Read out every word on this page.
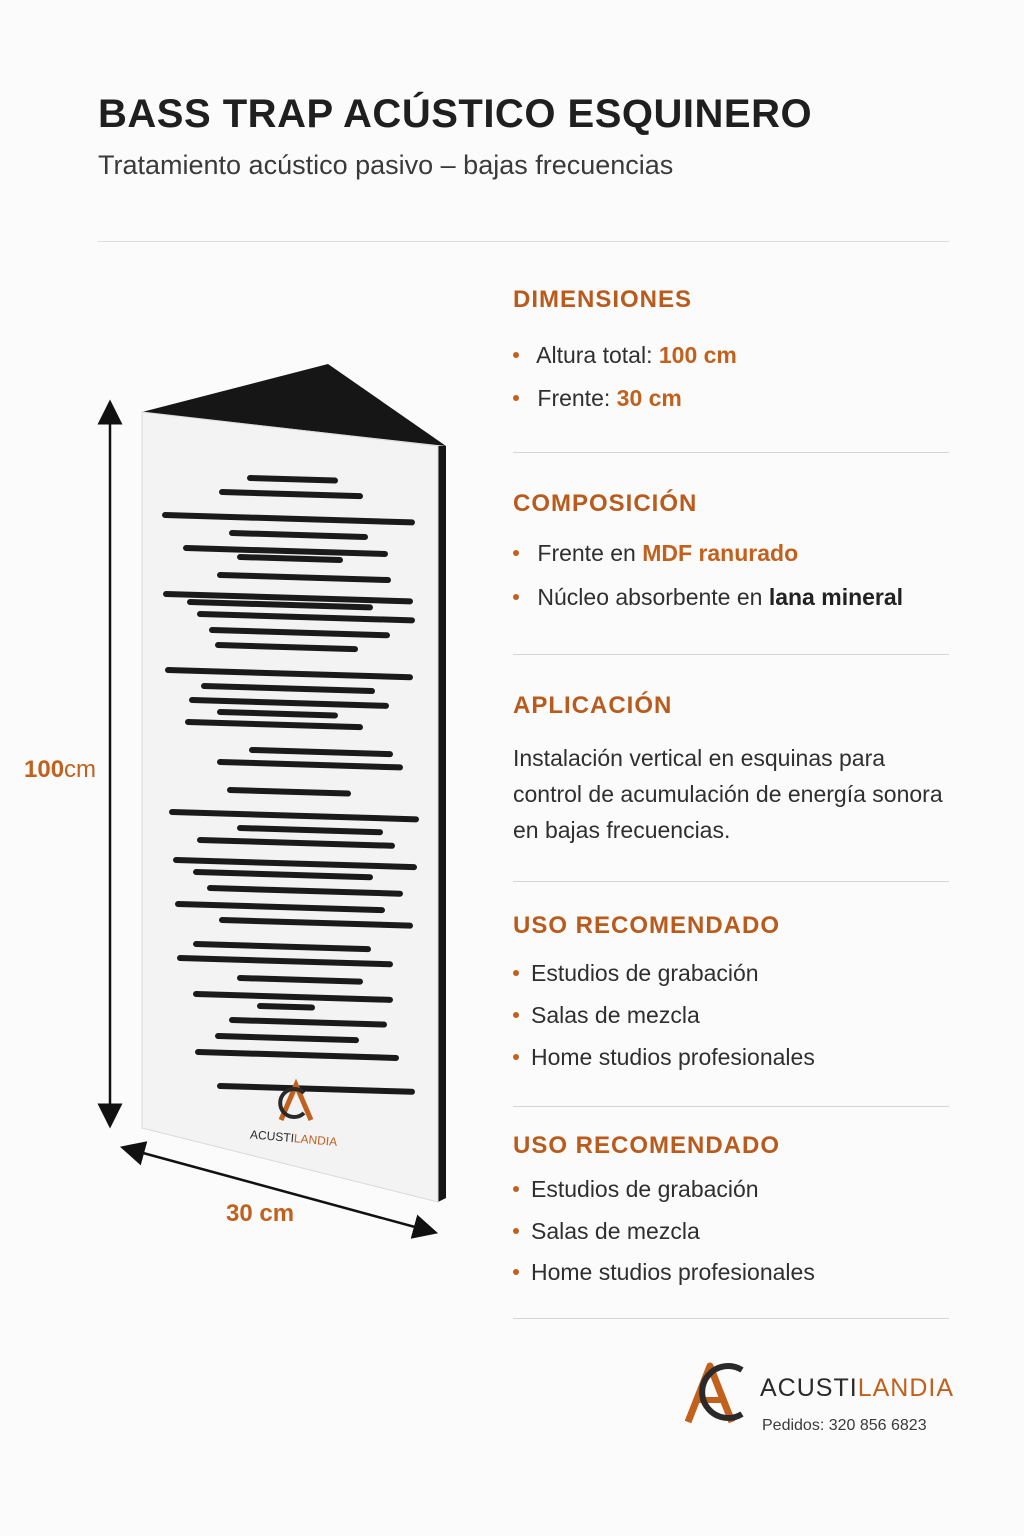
BASS TRAP ACÚSTICO ESQUINERO
Tratamiento acústico pasivo – bajas frecuencias
ACUSTILANDIA
100cm
30 cm
DIMENSIONES
Altura total: 100 cm
Frente: 30 cm
COMPOSICIÓN
Frente en MDF ranurado
Núcleo absorbente en lana mineral
APLICACIÓN
Instalación vertical en esquinas para
control de acumulación de energía sonora
en bajas frecuencias.
USO RECOMENDADO
Estudios de grabación
Salas de mezcla
Home studios profesionales
USO RECOMENDADO
Estudios de grabación
Salas de mezcla
Home studios profesionales
ACUSTILANDIA
Pedidos: 320 856 6823
